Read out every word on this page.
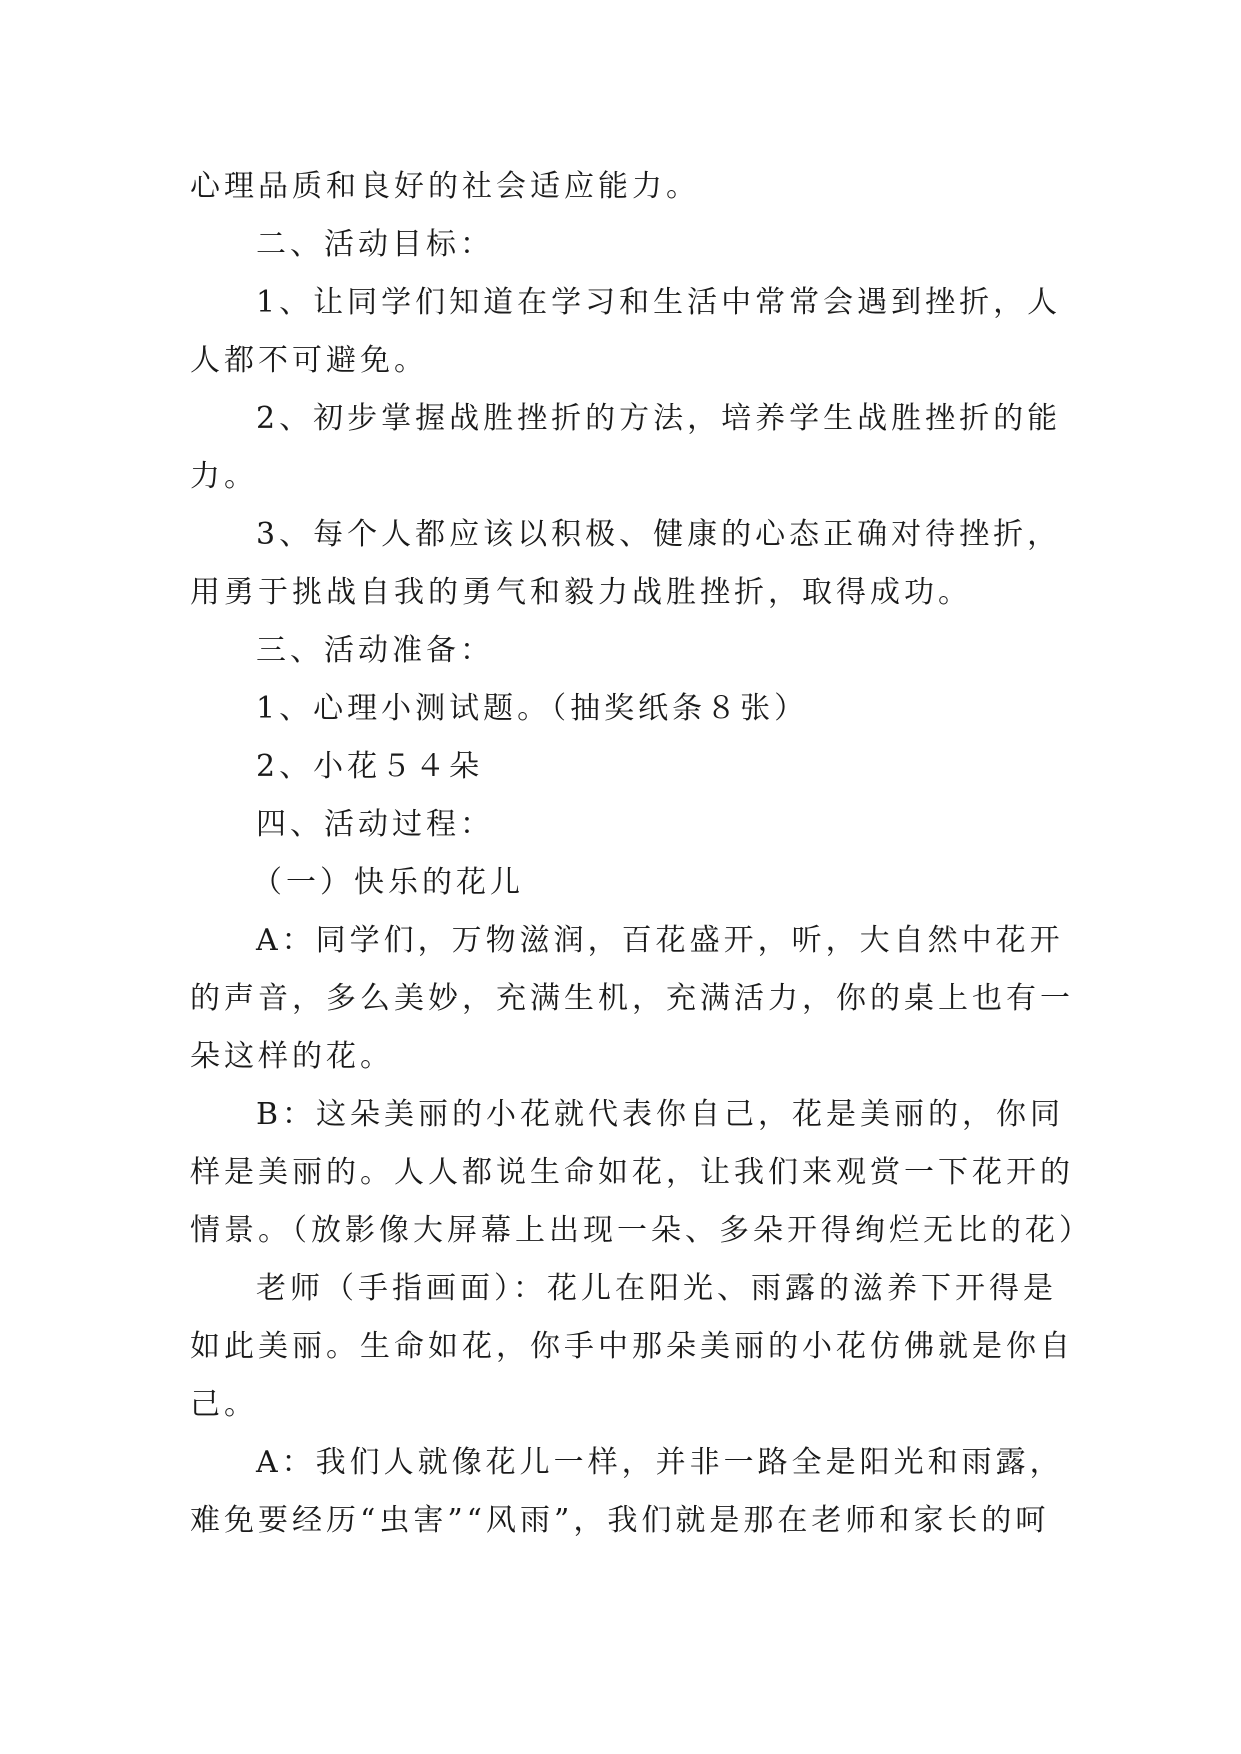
心理品质和良好的社会适应能力。
二、活动目标：
1、让同学们知道在学习和生活中常常会遇到挫折，人
人都不可避免。
2、初步掌握战胜挫折的方法，培养学生战胜挫折的能
力。
3、每个人都应该以积极、健康的心态正确对待挫折，
用勇于挑战自我的勇气和毅力战胜挫折，取得成功。
三、活动准备：
1、心理小测试题。（抽奖纸条８张）
2、小花５４朵
四、活动过程：
（一）快乐的花儿
A：同学们，万物滋润，百花盛开，听，大自然中花开
的声音，多么美妙，充满生机，充满活力，你的桌上也有一
朵这样的花。
B：这朵美丽的小花就代表你自己，花是美丽的，你同
样是美丽的。人人都说生命如花，让我们来观赏一下花开的
情景。（放影像大屏幕上出现一朵、多朵开得绚烂无比的花）
老师（手指画面）：花儿在阳光、雨露的滋养下开得是
如此美丽。生命如花，你手中那朵美丽的小花仿佛就是你自
己。
A：我们人就像花儿一样，并非一路全是阳光和雨露，
难免要经历“虫害”“风雨”，我们就是那在老师和家长的呵
